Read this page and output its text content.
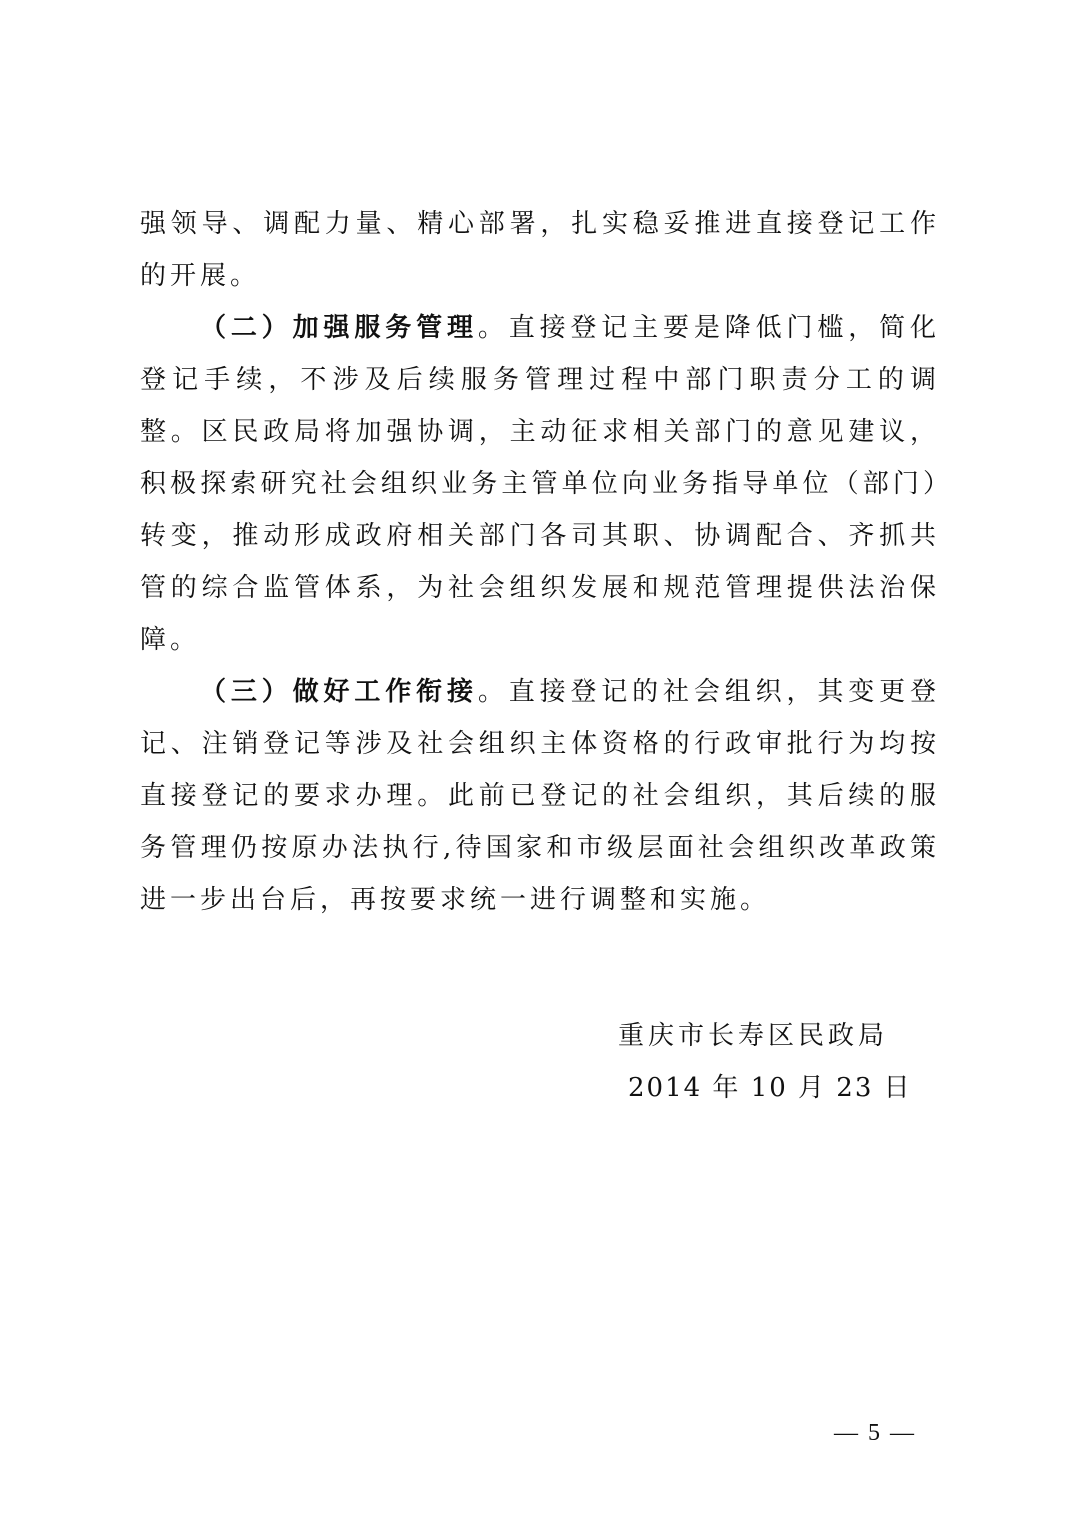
强领导、调配力量、精心部署，扎实稳妥推进直接登记工作的开展。

（二）加强服务管理。直接登记主要是降低门槛，简化登记手续，不涉及后续服务管理过程中部门职责分工的调整。区民政局将加强协调，主动征求相关部门的意见建议，积极探索研究社会组织业务主管单位向业务指导单位（部门）转变，推动形成政府相关部门各司其职、协调配合、齐抓共管的综合监管体系，为社会组织发展和规范管理提供法治保障。

（三）做好工作衔接。直接登记的社会组织，其变更登记、注销登记等涉及社会组织主体资格的行政审批行为均按直接登记的要求办理。此前已登记的社会组织，其后续的服务管理仍按原办法执行,待国家和市级层面社会组织改革政策进一步出台后，再按要求统一进行调整和实施。

重庆市长寿区民政局
2014 年 10 月 23 日
— 5 —
